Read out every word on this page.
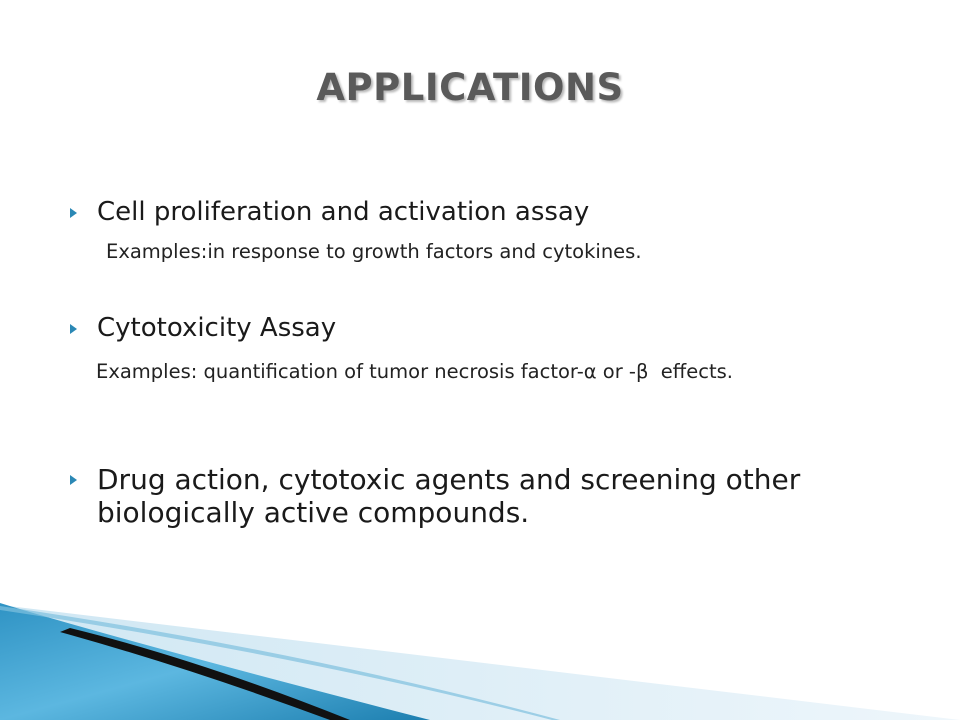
APPLICATIONS
Cell proliferation and activation assay
Examples:in response to growth factors and cytokines.
Cytotoxicity Assay
Examples: quantification of tumor necrosis factor-α or -β  effects.
Drug action, cytotoxic agents and screening other biologically active compounds.
